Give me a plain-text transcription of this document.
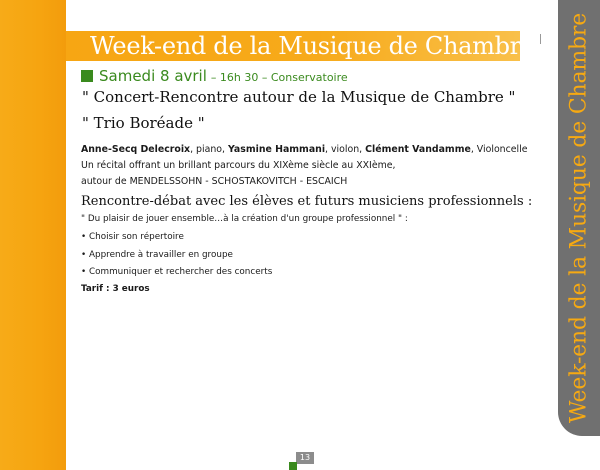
Week-end de la Musique de Chambre Week-end de la Musique de Chambre
Samedi 8 avril – 16h 30 – Conservatoire
" Concert-Rencontre autour de la Musique de Chambre "
" Trio Boréade "
Anne-Secq Delecroix, piano, Yasmine Hammani, violon, Clément Vandamme, Violoncelle
Un récital offrant un brillant parcours du XIXème siècle au XXIème,
autour de MENDELSSOHN - SCHOSTAKOVITCH - ESCAICH
Rencontre-débat avec les élèves et futurs musiciens professionnels :
" Du plaisir de jouer ensemble…à la création d'un groupe professionnel " :
• Choisir son répertoire
• Apprendre à travailler en groupe
• Communiquer et rechercher des concerts
Tarif : 3 euros
13
